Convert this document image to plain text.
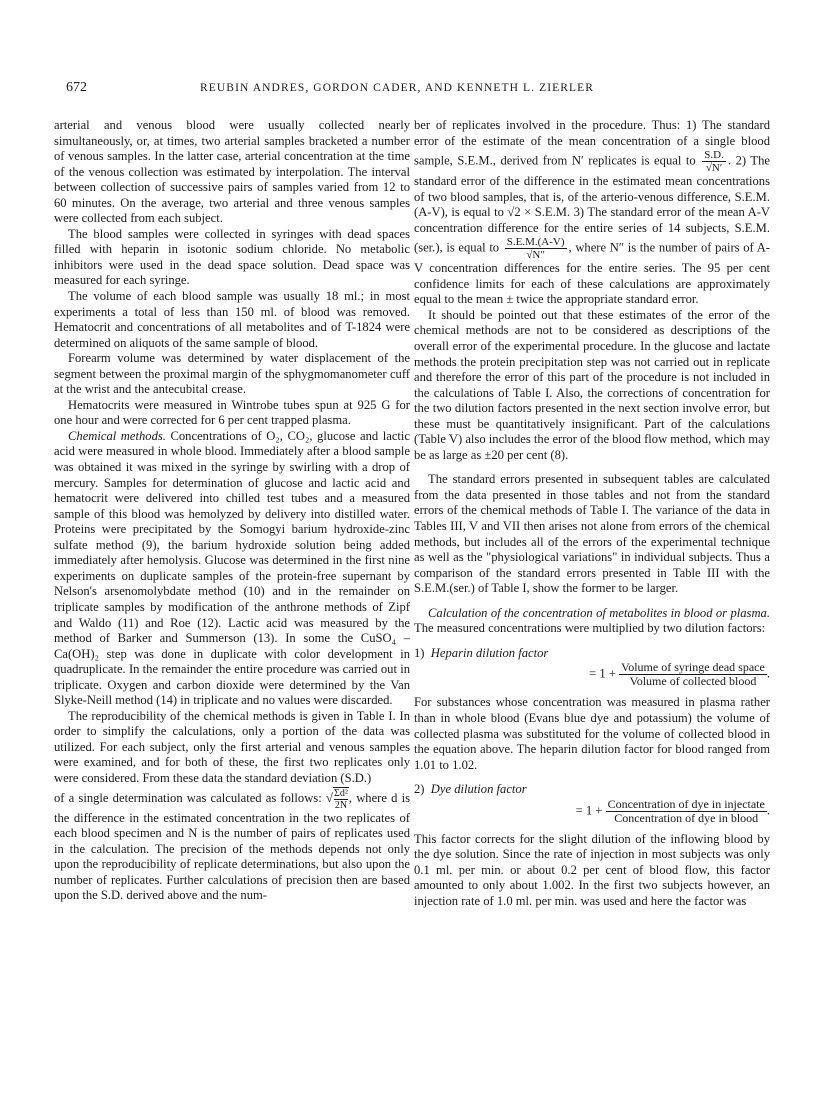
672	REUBIN ANDRES, GORDON CADER, AND KENNETH L. ZIERLER

arterial and venous blood were usually collected nearly simultaneously, or, at times, two arterial samples bracketed a number of venous samples. In the latter case, arterial concentration at the time of the venous collection was estimated by interpolation. The interval between collection of successive pairs of samples varied from 12 to 60 minutes. On the average, two arterial and three venous samples were collected from each subject.

The blood samples were collected in syringes with dead spaces filled with heparin in isotonic sodium chloride. No metabolic inhibitors were used in the dead space solution. Dead space was measured for each syringe.

The volume of each blood sample was usually 18 ml.; in most experiments a total of less than 150 ml. of blood was removed. Hematocrit and concentrations of all metabolites and of T-1824 were determined on aliquots of the same sample of blood.

Forearm volume was determined by water displacement of the segment between the proximal margin of the sphygmomanometer cuff at the wrist and the antecubital crease.

Hematocrits were measured in Wintrobe tubes spun at 925 G for one hour and were corrected for 6 per cent trapped plasma.

Chemical methods. Concentrations of O₂, CO₂, glucose and lactic acid were measured in whole blood. Immediately after a blood sample was obtained it was mixed in the syringe by swirling with a drop of mercury. Samples for determination of glucose and lactic acid and hematocrit were delivered into chilled test tubes and a measured sample of this blood was hemolyzed by delivery into distilled water. Proteins were precipitated by the Somogyi barium hydroxide-zinc sulfate method (9), the barium hydroxide solution being added immediately after hemolysis. Glucose was determined in the first nine experiments on duplicate samples of the protein-free supernant by Nelson's arsenomolybdate method (10) and in the remainder on triplicate samples by modification of the anthrone methods of Zipf and Waldo (11) and Roe (12). Lactic acid was measured by the method of Barker and Summerson (13). In some the CuSO₄ – Ca(OH)₂ step was done in duplicate with color development in quadruplicate. In the remainder the entire procedure was carried out in triplicate. Oxygen and carbon dioxide were determined by the Van Slyke-Neill method (14) in triplicate and no values were discarded.

The reproducibility of the chemical methods is given in Table I. In order to simplify the calculations, only a portion of the data was utilized. For each subject, only the first arterial and venous samples were examined, and for both of these, the first two replicates only were considered. From these data the standard deviation (S.D.)

of a single determination was calculated as follows: √ $\frac{\text{Σd²}}{2N}$ , where d is the difference in the estimated concentration in the two replicates of each blood specimen and N is the number of pairs of replicates used in the calculation. The precision of the methods depends not only upon the reproducibility of replicate determinations, but also upon the number of replicates. Further calculations of precision then are based upon the S.D. derived above and the num-

ber of replicates involved in the procedure. Thus: 1) The standard error of the estimate of the mean concentration of a single blood sample, S.E.M., derived from N′ replicates is equal to $\frac{S.D.}{√N'}$ . 2) The standard error of the difference in the estimated mean concentrations of two blood samples, that is, of the arterio-venous difference, S.E.M.(A-V), is equal to √2 × S.E.M. 3) The standard error of the mean A-V concentration difference for the entire series of 14 subjects, S.E.M.(ser.), is equal to $\frac{S.E.M.(A-V)}{√N''}$ , where N″ is the number of pairs of A-V concentration differences for the entire series. The 95 per cent confidence limits for each of these calculations are approximately equal to the mean ± twice the appropriate standard error.

It should be pointed out that these estimates of the error of the chemical methods are not to be considered as descriptions of the overall error of the experimental procedure. In the glucose and lactate methods the protein precipitation step was not carried out in replicate and therefore the error of this part of the procedure is not included in the calculations of Table I. Also, the corrections of concentration for the two dilution factors presented in the next section involve error, but these must be quantitatively insignificant. Part of the calculations (Table V) also includes the error of the blood flow method, which may be as large as ±20 per cent (8).

The standard errors presented in subsequent tables are calculated from the data presented in those tables and not from the standard errors of the chemical methods of Table I. The variance of the data in Tables III, V and VII then arises not alone from errors of the chemical methods, but includes all of the errors of the experimental technique as well as the "physiological variations" in individual subjects. Thus a comparison of the standard errors presented in Table III with the S.E.M.(ser.) of Table I, show the former to be larger.

Calculation of the concentration of metabolites in blood or plasma. The measured concentrations were multiplied by two dilution factors:

1) Heparin dilution factor

= $1 + \frac{\text{Volume of syringe dead space}}{\text{Volume of collected blood}}$ .

For substances whose concentration was measured in plasma rather than in whole blood (Evans blue dye and potassium) the volume of collected plasma was substituted for the volume of collected blood in the equation above. The heparin dilution factor for blood ranged from 1.01 to 1.02.

2) Dye dilution factor

= $1 + \frac{\text{Concentration of dye in injectate}}{\text{Concentration of dye in blood}}$ .

This factor corrects for the slight dilution of the inflowing blood by the dye solution. Since the rate of injection in most subjects was only 0.1 ml. per min. or about 0.2 per cent of blood flow, this factor amounted to only about 1.002. In the first two subjects however, an injection rate of 1.0 ml. per min. was used and here the factor was
